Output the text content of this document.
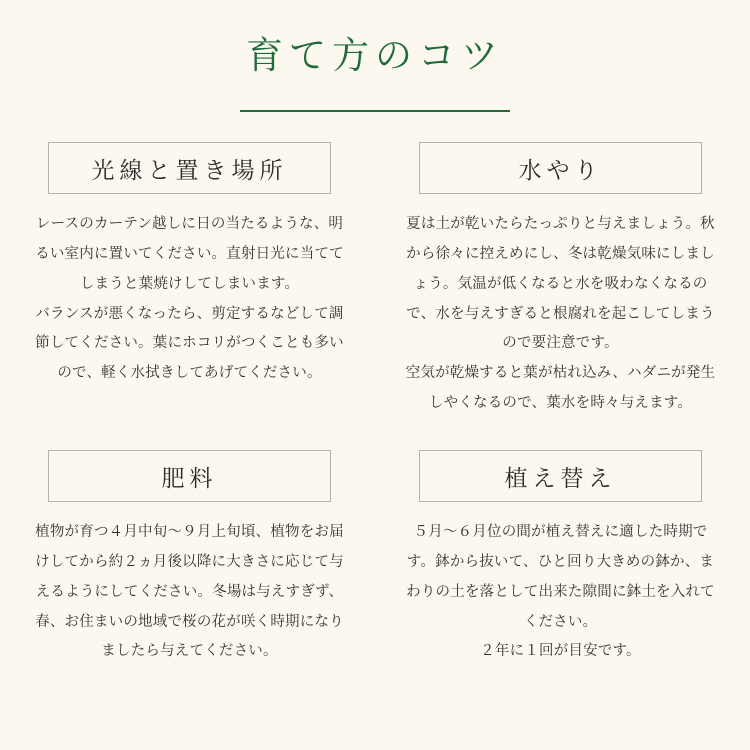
育て方のコツ
光線と置き場所

レースのカーテン越しに日の当たるような、明るい室内に置いてください。直射日光に当ててしまうと葉焼けしてしまいます。

バランスが悪くなったら、剪定するなどして調節してください。葉にホコリがつくことも多いので、軽く水拭きしてあげてください。

水やり

夏は土が乾いたらたっぷりと与えましょう。秋から徐々に控えめにし、冬は乾燥気味にしましょう。気温が低くなると水を吸わなくなるので、水を与えすぎると根腐れを起こしてしまうので要注意です。

空気が乾燥すると葉が枯れ込み、ハダニが発生しやくなるので、葉水を時々与えます。

肥料

植物が育つ４月中旬〜９月上旬頃、植物をお届けしてから約２ヵ月後以降に大きさに応じて与えるようにしてください。冬場は与えすぎず、春、お住まいの地域で桜の花が咲く時期になりましたら与えてください。

植え替え

５月〜６月位の間が植え替えに適した時期です。鉢から抜いて、ひと回り大きめの鉢か、まわりの土を落として出来た隙間に鉢土を入れてください。

２年に１回が目安です。
